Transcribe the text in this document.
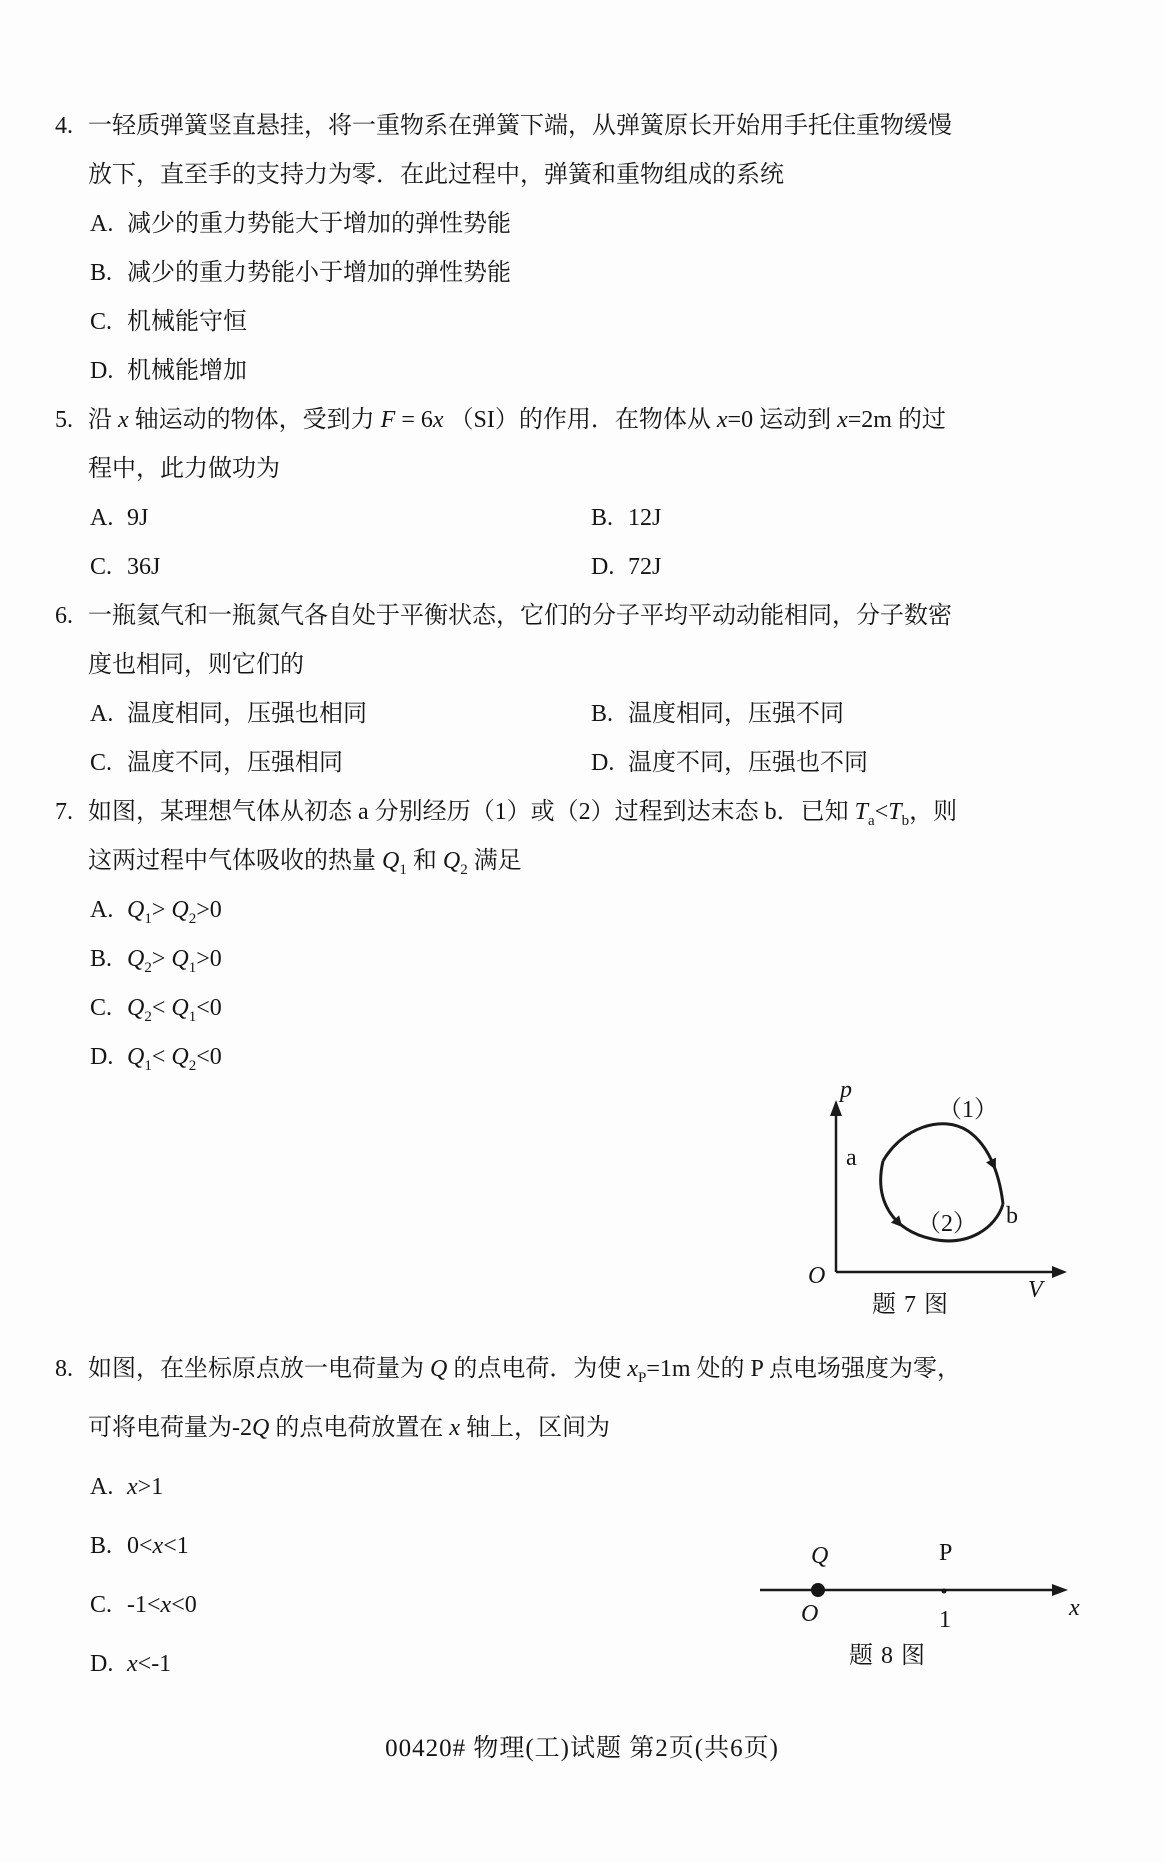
4. 一轻质弹簧竖直悬挂，将一重物系在弹簧下端，从弹簧原长开始用手托住重物缓慢
放下，直至手的支持力为零．在此过程中，弹簧和重物组成的系统
A. 减少的重力势能大于增加的弹性势能
B. 减少的重力势能小于增加的弹性势能
C. 机械能守恒
D. 机械能增加
5. 沿 x 轴运动的物体，受到力 F = 6x （SI）的作用．在物体从 x=0 运动到 x=2m 的过
程中，此力做功为
A. 9J	B. 12J
C. 36J	D. 72J
6. 一瓶氦气和一瓶氮气各自处于平衡状态，它们的分子平均平动动能相同，分子数密
度也相同，则它们的
A. 温度相同，压强也相同	B. 温度相同，压强不同
C. 温度不同，压强相同	D. 温度不同，压强也不同
7. 如图，某理想气体从初态 a 分别经历（1）或（2）过程到达末态 b．已知 $T_a<T_b$，则
这两过程中气体吸收的热量 $Q_1$ 和 $Q_2$ 满足
A. $Q_1> Q_2>0$
B. $Q_2> Q_1>0$
C. $Q_2< Q_1<0$
D. $Q_1< Q_2<0$
p
（1）
a
b
（2）
O
V
题 7 图
8. 如图，在坐标原点放一电荷量为 Q 的点电荷．为使 $x_P=1m$ 处的 P 点电场强度为零，
可将电荷量为-2Q 的点电荷放置在 x 轴上，区间为
A. x>1
B. 0<x<1
C. -1<x<0
D. x<-1
Q	P
O	1	x
题 8 图
00420# 物理(工)试题 第2页(共6页)
